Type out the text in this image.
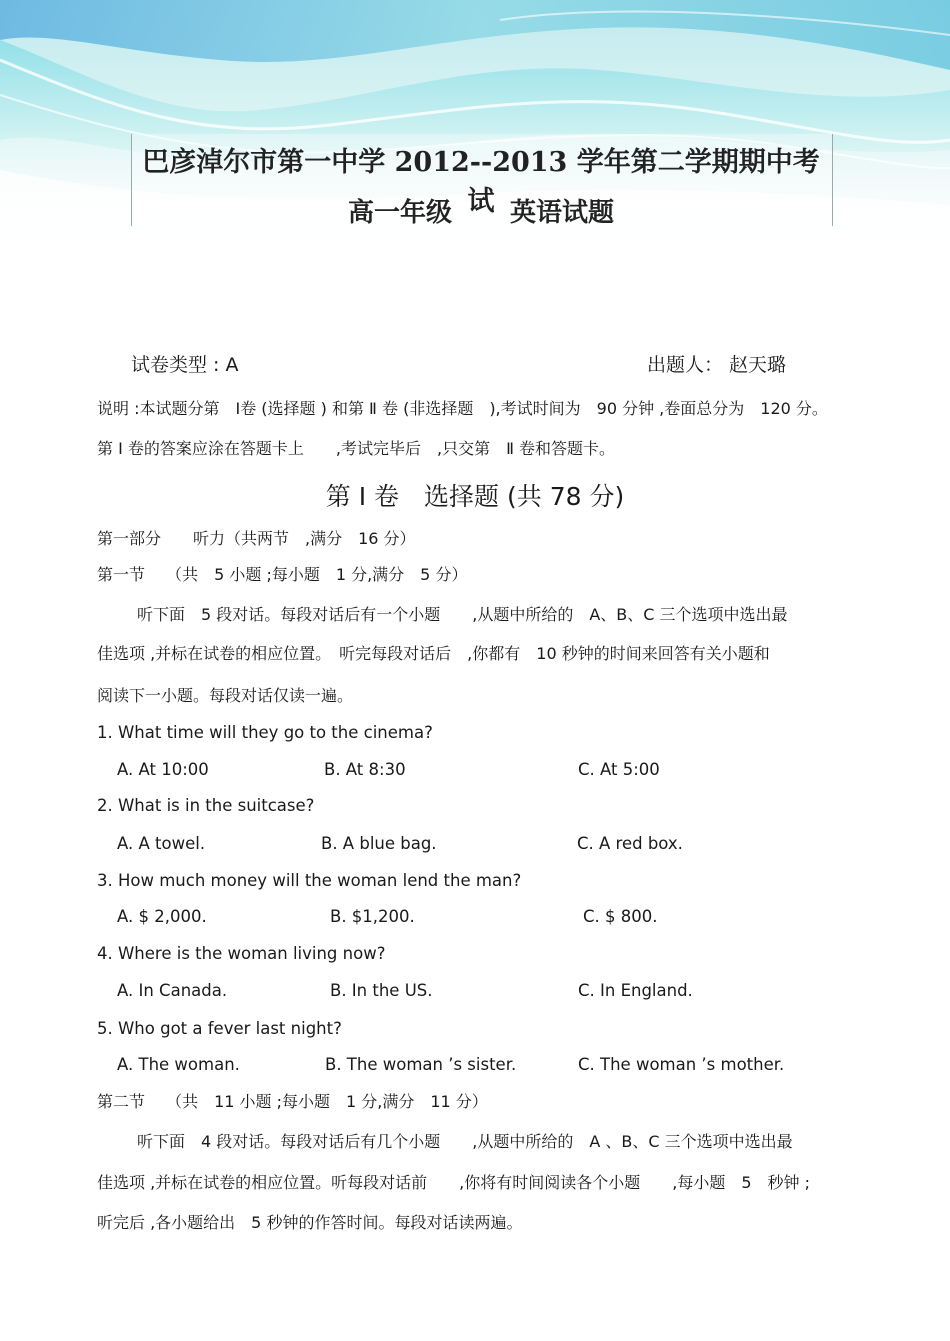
巴彦淖尔市第一中学 2012--2013 学年第二学期期中考试
高一年级 英语试题
试卷类型 : A	出题人： 赵天璐
说明 :本试题分第　Ⅰ卷 (选择题 ) 和第 Ⅱ 卷 (非选择题　),考试时间为　90 分钟 ,卷面总分为　120 分。
第 Ⅰ 卷的答案应涂在答题卡上　　,考试完毕后　,只交第　Ⅱ 卷和答题卡。
第 Ⅰ 卷　选择题 (共 78 分)
第一部分　　听力（共两节　,满分　16 分）
第一节　 （共　5 小题 ;每小题　1 分,满分　5 分）
听下面　5 段对话。每段对话后有一个小题　　,从题中所给的　A、B、C 三个选项中选出最
佳选项 ,并标在试卷的相应位置。　听完每段对话后　,你都有　10 秒钟的时间来回答有关小题和
阅读下一小题。每段对话仅读一遍。
1. What time will they go to the cinema?
A. At 10:00	B. At 8:30	C. At 5:00
2. What is in the suitcase?
A. A towel.	B. A blue bag.	C. A red box.
3. How much money will the woman lend the man?
A. $ 2,000.	B. $1,200.	C. $ 800.
4. Where is the woman living now?
A. In Canada.	B. In the US.	C. In England.
5. Who got a fever last night?
A. The woman.	B. The woman ’s sister.	C. The woman ’s mother.
第二节　 （共　11 小题 ;每小题　1 分,满分　11 分）
听下面　4 段对话。每段对话后有几个小题　　,从题中所给的　A 、B、C 三个选项中选出最
佳选项 ,并标在试卷的相应位置。听每段对话前　　,你将有时间阅读各个小题　　,每小题　5　秒钟 ;
听完后 ,各小题给出　5 秒钟的作答时间。每段对话读两遍。
